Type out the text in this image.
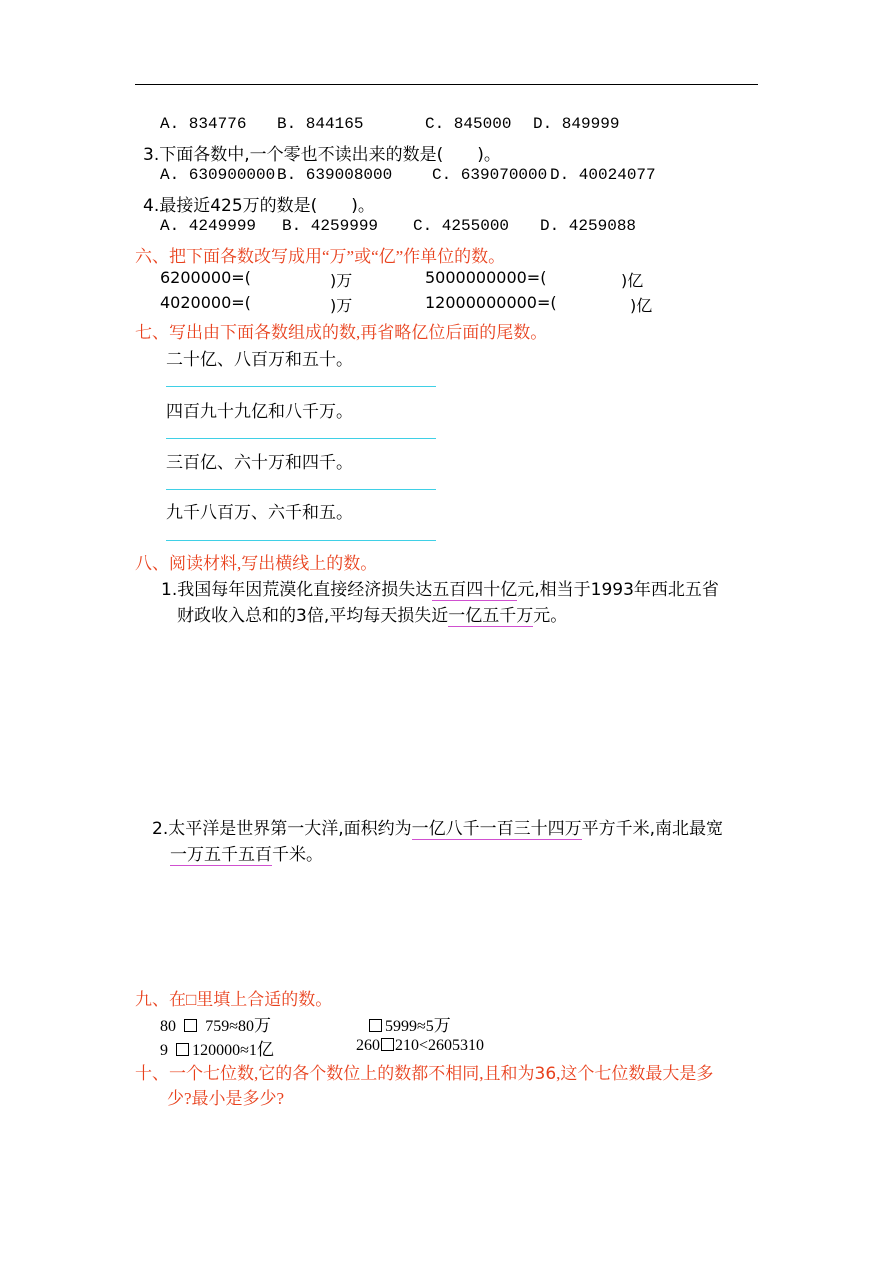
A. 834776 B. 844165	C. 845000 D. 849999
3.下面各数中,一个零也不读出来的数是(　　)。
A. 630900000 B. 639008000 C. 639070000 D. 40024077
4.最接近425万的数是(　　)。
A. 4249999 B. 4259999 C. 4255000 D. 4259088
六、把下面各数改写成用“万”或“亿”作单位的数。
6200000=(	)万	5000000000=(	)亿
4020000=(	)万	12000000000=(	)亿
七、写出由下面各数组成的数,再省略亿位后面的尾数。
二十亿、八百万和五十。
四百九十九亿和八千万。
三百亿、六十万和四千。
九千八百万、六千和五。
八、阅读材料,写出横线上的数。
1.我国每年因荒漠化直接经济损失达五百四十亿元,相当于1993年西北五省
财政收入总和的3倍,平均每天损失近一亿五千万元。
2.太平洋是世界第一大洋,面积约为一亿八千一百三十四万平方千米,南北最宽
一万五千五百千米。
九、在□里填上合适的数。
80 759≈80万	5999≈5万
9 120000≈1亿	260 210<2605310
十、一个七位数,它的各个数位上的数都不相同,且和为36,这个七位数最大是多
少?最小是多少?
